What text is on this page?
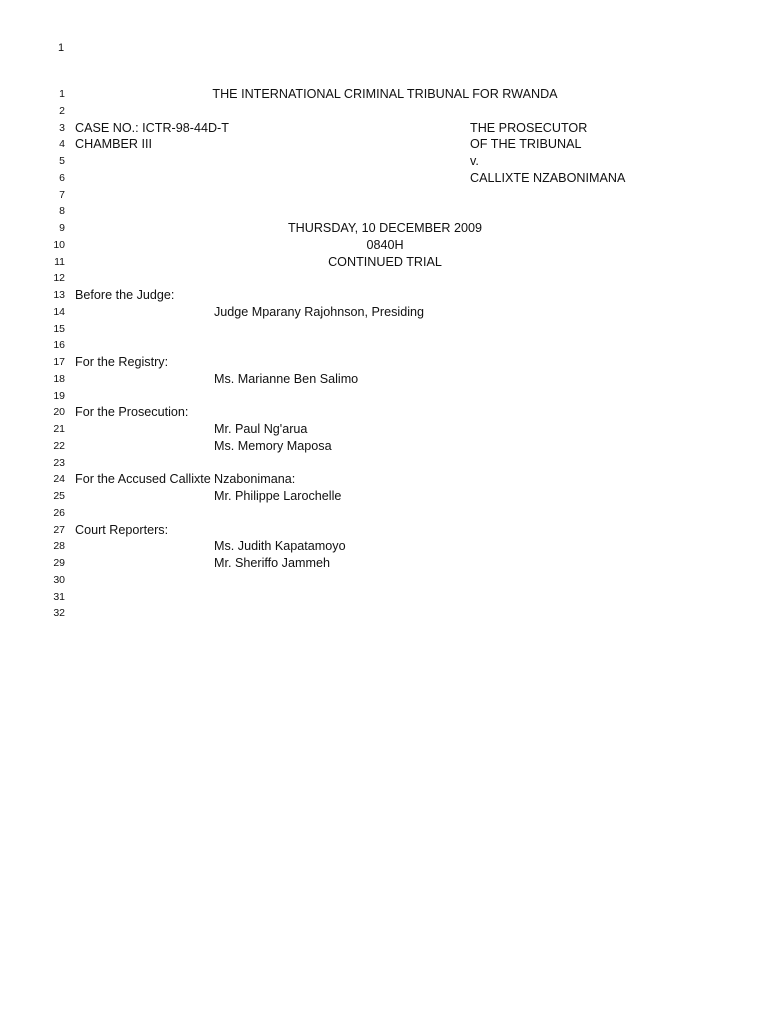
1
1	THE INTERNATIONAL CRIMINAL TRIBUNAL FOR RWANDA
2
3 CASE NO.: ICTR-98-44D-T	THE PROSECUTOR
4 CHAMBER III	OF THE TRIBUNAL
5	v.
6	CALLIXTE NZABONIMANA
7
8
9	THURSDAY, 10 DECEMBER 2009
10	0840H
11	CONTINUED TRIAL
12
13 Before the Judge:
14	Judge Mparany Rajohnson, Presiding
15
16
17 For the Registry:
18	Ms. Marianne Ben Salimo
19
20 For the Prosecution:
21	Mr. Paul Ng'arua
22	Ms. Memory Maposa
23
24 For the Accused Callixte Nzabonimana:
25	Mr. Philippe Larochelle
26
27 Court Reporters:
28	Ms. Judith Kapatamoyo
29	Mr. Sheriffo Jammeh
30
31
32
